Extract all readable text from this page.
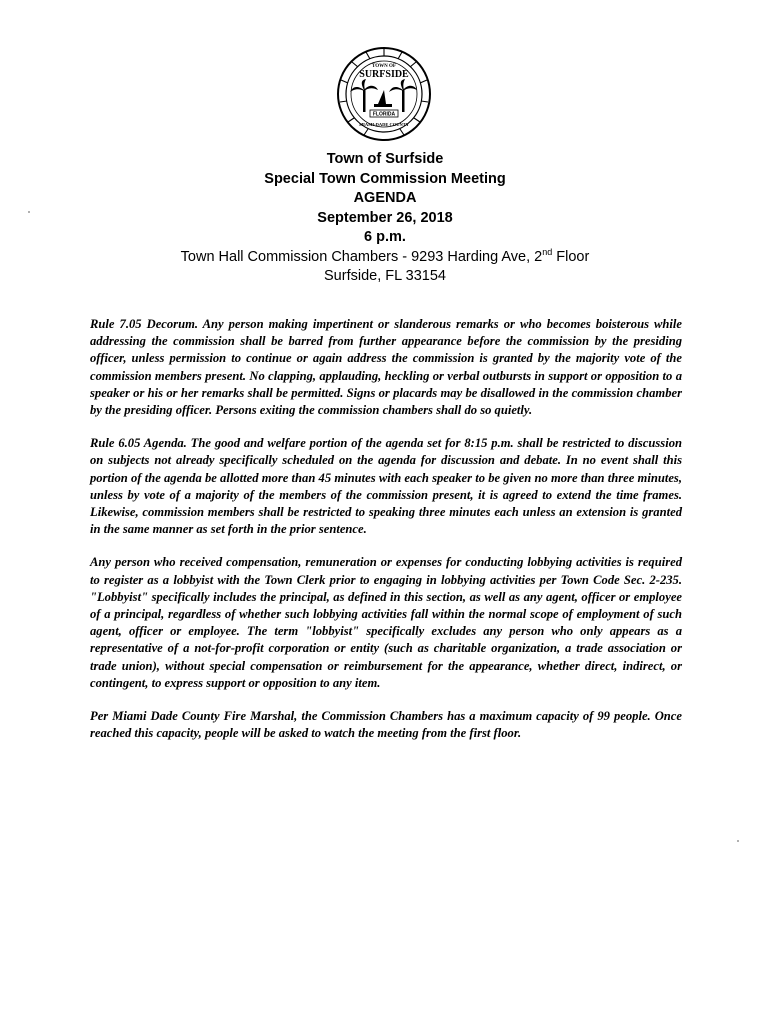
TOWN OF
SURFSIDE
FLORIDA
MIAMI-DADE COUNTY
Town of Surfside
Special Town Commission Meeting
AGENDA
September 26, 2018
6 p.m.
Town Hall Commission Chambers - 9293 Harding Ave, 2nd Floor
Surfside, FL 33154

Rule 7.05 Decorum. Any person making impertinent or slanderous remarks or who becomes boisterous while addressing the commission shall be barred from further appearance before the commission by the presiding officer, unless permission to continue or again address the commission is granted by the majority vote of the commission members present. No clapping, applauding, heckling or verbal outbursts in support or opposition to a speaker or his or her remarks shall be permitted. Signs or placards may be disallowed in the commission chamber by the presiding officer. Persons exiting the commission chambers shall do so quietly.

Rule 6.05 Agenda. The good and welfare portion of the agenda set for 8:15 p.m. shall be restricted to discussion on subjects not already specifically scheduled on the agenda for discussion and debate. In no event shall this portion of the agenda be allotted more than 45 minutes with each speaker to be given no more than three minutes, unless by vote of a majority of the members of the commission present, it is agreed to extend the time frames. Likewise, commission members shall be restricted to speaking three minutes each unless an extension is granted in the same manner as set forth in the prior sentence.

Any person who received compensation, remuneration or expenses for conducting lobbying activities is required to register as a lobbyist with the Town Clerk prior to engaging in lobbying activities per Town Code Sec. 2-235. "Lobbyist" specifically includes the principal, as defined in this section, as well as any agent, officer or employee of a principal, regardless of whether such lobbying activities fall within the normal scope of employment of such agent, officer or employee. The term "lobbyist" specifically excludes any person who only appears as a representative of a not-for-profit corporation or entity (such as charitable organization, a trade association or trade union), without special compensation or reimbursement for the appearance, whether direct, indirect, or contingent, to express support or opposition to any item.

Per Miami Dade County Fire Marshal, the Commission Chambers has a maximum capacity of 99 people. Once reached this capacity, people will be asked to watch the meeting from the first floor.
